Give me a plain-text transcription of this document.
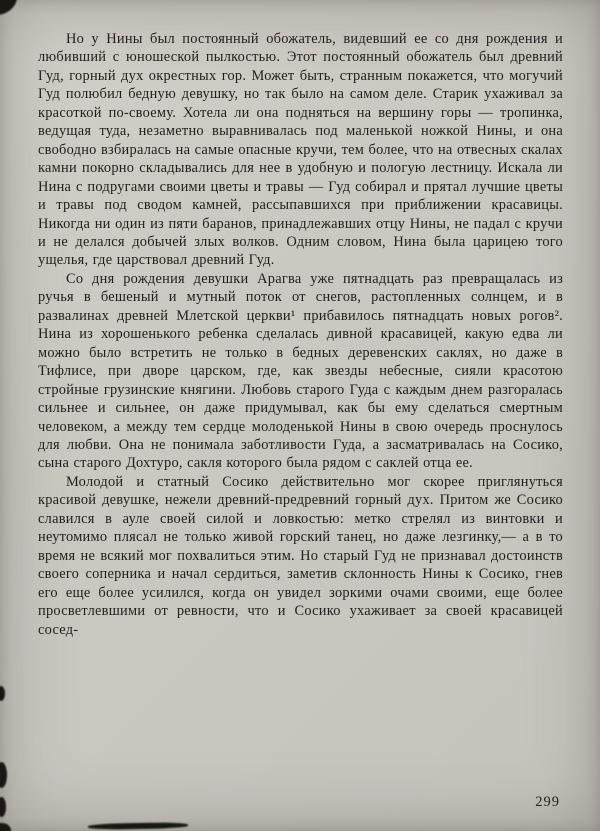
Но у Нины был постоянный обожатель, видевший ее со дня рождения и любивший с юношеской пылкостью. Этот постоянный обожатель был древний Гуд, горный дух окрестных гор. Может быть, странным покажется, что могучий Гуд полюбил бедную девушку, но так было на самом деле. Старик ухаживал за красоткой по-своему. Хотела ли она подняться на вершину горы — тропинка, ведущая туда, незаметно выравнивалась под маленькой ножкой Нины, и она свободно взбиралась на самые опасные кручи, тем более, что на отвесных скалах камни покорно складывались для нее в удобную и пологую лестницу. Искала ли Нина с подругами своими цветы и травы — Гуд собирал и прятал лучшие цветы и травы под сводом камней, рассыпавшихся при приближении красавицы. Никогда ни один из пяти баранов, принадлежавших отцу Нины, не падал с кручи и не делался добычей злых волков. Одним словом, Нина была царицею того ущелья, где царствовал древний Гуд.

Со дня рождения девушки Арагва уже пятнадцать раз превращалась из ручья в бешеный и мутный поток от снегов, растопленных солнцем, и в развалинах древней Млетской церкви¹ прибавилось пятнадцать новых рогов². Нина из хорошенького ребенка сделалась дивной красавицей, какую едва ли можно было встретить не только в бедных деревенских саклях, но даже в Тифлисе, при дворе царском, где, как звезды небесные, сияли красотою стройные грузинские княгини. Любовь старого Гуда с каждым днем разгоралась сильнее и сильнее, он даже придумывал, как бы ему сделаться смертным человеком, а между тем сердце молоденькой Нины в свою очередь проснулось для любви. Она не понимала заботливости Гуда, а засматривалась на Сосико, сына старого Дохтуро, сакля которого была рядом с саклей отца ее.

Молодой и статный Сосико действительно мог скорее приглянуться красивой девушке, нежели древний-предревний горный дух. Притом же Сосико славился в ауле своей силой и ловкостью: метко стрелял из винтовки и неутомимо плясал не только живой горский танец, но даже лезгинку,— а в то время не всякий мог похвалиться этим. Но старый Гуд не признавал достоинств своего соперника и начал сердиться, заметив склонность Нины к Сосико, гнев его еще более усилился, когда он увидел зоркими очами своими, еще более просветлевшими от ревности, что и Сосико ухаживает за своей красавицей сосед-

299
